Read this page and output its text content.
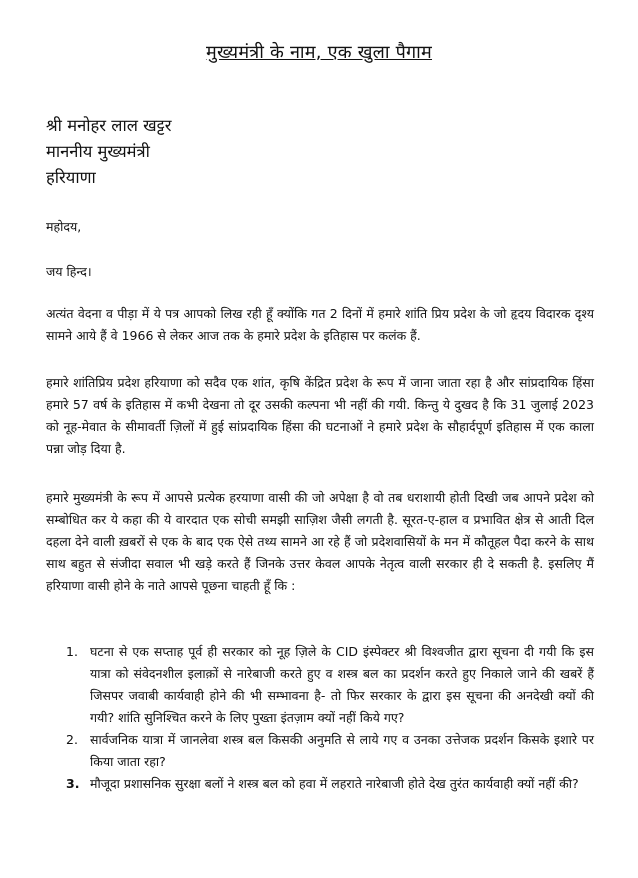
मुख्यमंत्री के नाम, एक खुला पैगाम
श्री मनोहर लाल खट्टर
माननीय मुख्यमंत्री
हरियाणा
महोदय,
जय हिन्द।

अत्यंत वेदना व पीड़ा में ये पत्र आपको लिख रही हूँ क्योंकि गत 2 दिनों में हमारे शांति प्रिय प्रदेश के जो हृदय विदारक दृश्य सामने आये हैं वे 1966 से लेकर आज तक के हमारे प्रदेश के इतिहास पर कलंक हैं.

हमारे शांतिप्रिय प्रदेश हरियाणा को सदैव एक शांत, कृषि केंद्रित प्रदेश के रूप में जाना जाता रहा है और सांप्रदायिक हिंसा हमारे 57 वर्ष के इतिहास में कभी देखना तो दूर उसकी कल्पना भी नहीं की गयी. किन्तु ये दुखद है कि 31 जुलाई 2023 को नूह-मेवात के सीमावर्ती ज़िलों में हुई सांप्रदायिक हिंसा की घटनाओं ने हमारे प्रदेश के सौहार्दपूर्ण इतिहास में एक काला पन्ना जोड़ दिया है.

हमारे मुख्यमंत्री के रूप में आपसे प्रत्येक हरयाणा वासी की जो अपेक्षा है वो तब धराशायी होती दिखी जब आपने प्रदेश को सम्बोधित कर ये कहा की ये वारदात एक सोची समझी साज़िश जैसी लगती है. सूरत-ए-हाल व प्रभावित क्षेत्र से आती दिल दहला देने वाली ख़बरों से एक के बाद एक ऐसे तथ्य सामने आ रहे हैं जो प्रदेशवासियों के मन में कौतूहल पैदा करने के साथ साथ बहुत से संजीदा सवाल भी खड़े करते हैं जिनके उत्तर केवल आपके नेतृत्व वाली सरकार ही दे सकती है. इसलिए मैं हरियाणा वासी होने के नाते आपसे पूछना चाहती हूँ कि :

1. घटना से एक सप्ताह पूर्व ही सरकार को नूह ज़िले के CID इंस्पेक्टर श्री विश्वजीत द्वारा सूचना दी गयी कि इस यात्रा को संवेदनशील इलाक़ों से नारेबाजी करते हुए व शस्त्र बल का प्रदर्शन करते हुए निकाले जाने की खबरें हैं जिसपर जवाबी कार्यवाही होने की भी सम्भावना है- तो फिर सरकार के द्वारा इस सूचना की अनदेखी क्यों की गयी? शांति सुनिश्चित करने के लिए पुख्ता इंतज़ाम क्यों नहीं किये गए?
2. सार्वजनिक यात्रा में जानलेवा शस्त्र बल किसकी अनुमति से लाये गए व उनका उत्तेजक प्रदर्शन किसके इशारे पर किया जाता रहा?
3. मौजूदा प्रशासनिक सुरक्षा बलों ने शस्त्र बल को हवा में लहराते नारेबाजी होते देख तुरंत कार्यवाही क्यों नहीं की?
